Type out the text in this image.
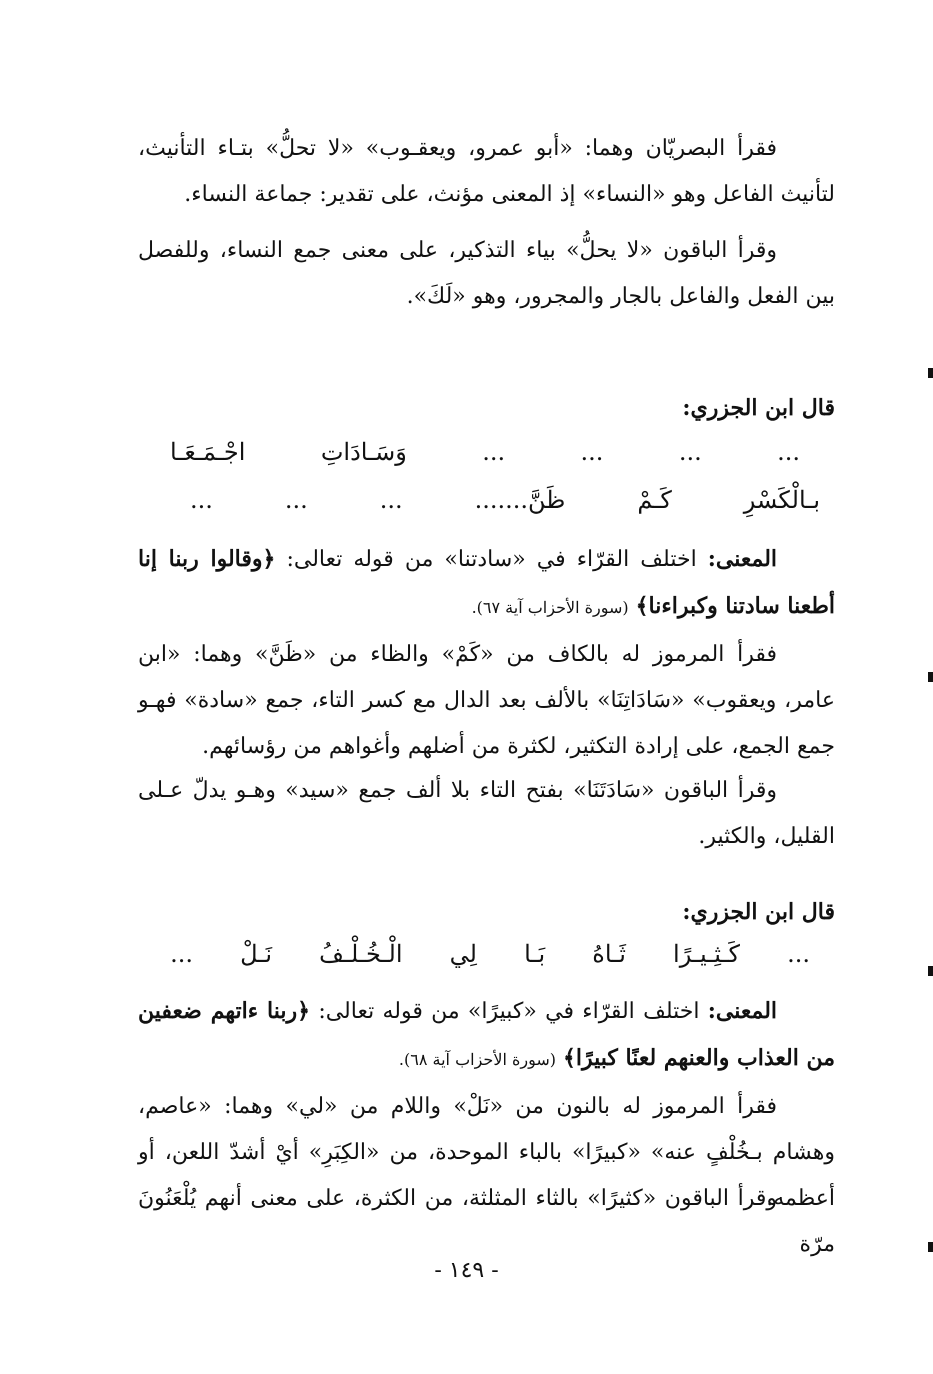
فقرأ البصريّان وهما: «أبو عمرو، ويعقـوب» «لا تحلُّ» بتـاء التأنيث، لتأنيث الفاعل وهو «النساء» إذ المعنى مؤنث، على تقدير: جماعة النساء.

وقرأ الباقون «لا يحلُّ» بياء التذكير، على معنى جمع النساء، وللفصل بين الفعل والفاعل بالجار والمجرور، وهو «لَكَ».

قال ابن الجزري:
...
...
...
...
وَسَـادَاتِ
اجْـمَـعَـا
بـالْكَسْرِ
كَـمْ
ظَنَّ.......
...
...
...

المعنى: اختلف القرّاء في «سادتنا» من قوله تعالى: ﴿وقالوا ربنا إنا أطعنا سادتنا وكبراءنا﴾ (سورة الأحزاب آية ٦٧).

فقرأ المرموز له بالكاف من «كَمْ» والظاء من «ظَنَّ» وهما: «ابن عامر، ويعقوب» «سَادَاتِنَا» بالألف بعد الدال مع كسر التاء، جمع «سادة» فهـو جمع الجمع، على إرادة التكثير، لكثرة من أضلهم وأغواهم من رؤسائهم.

وقرأ الباقون «سَادَتَنَا» بفتح التاء بلا ألف جمع «سيد» وهـو يدلّ عـلى القليل، والكثير.

قال ابن الجزري:
...
كَـثِـيـرًا
ثَـاهُ
بَـا
لِي
الْـخُـلْـفُ
نَـلْ
...

المعنى: اختلف القرّاء في «كبيرًا» من قوله تعالى: ﴿ربنا ءاتهم ضعفين من العذاب والعنهم لعنًا كبيرًا﴾ (سورة الأحزاب آية ٦٨).

فقرأ المرموز له بالنون من «نَلْ» واللام من «لي» وهما: «عاصم، وهشام بـخُلْفٍ عنه» «كبيرًا» بالباء الموحدة، من «الكِبَرِ» أيْ أشدّ اللعن، أو أعظمه.

وقرأ الباقون «كثيرًا» بالثاء المثلثة، من الكثرة، على معنى أنهم يُلْعَنُونَ مرّة

- ١٤٩ -
